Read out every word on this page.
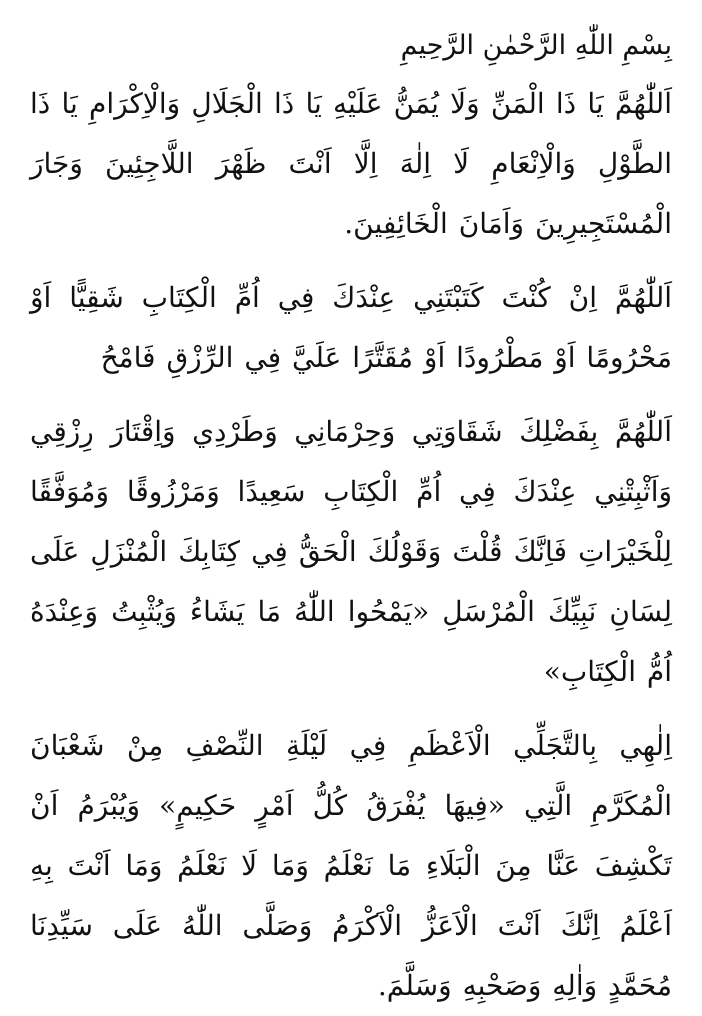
بِسْمِ اللّٰهِ الرَّحْمٰنِ الرَّحِيمِ

اَللّٰهُمَّ يَا ذَا الْمَنِّ وَلَا يُمَنُّ عَلَيْهِ يَا ذَا الْجَلَالِ وَالْاِكْرَامِ يَا ذَا الطَّوْلِ وَالْاِنْعَامِ لَا اِلٰهَ اِلَّا اَنْتَ ظَهْرَ اللَّاجِئِينَ وَجَارَ الْمُسْتَجِيرِينَ وَاَمَانَ الْخَائِفِينَ.

اَللّٰهُمَّ اِنْ كُنْتَ كَتَبْتَنِي عِنْدَكَ فِي اُمِّ الْكِتَابِ شَقِيًّا اَوْ مَحْرُومًا اَوْ مَطْرُودًا اَوْ مُقَتَّرًا عَلَيَّ فِي الرِّزْقِ فَامْحُ

اَللّٰهُمَّ بِفَضْلِكَ شَقَاوَتِي وَحِرْمَانِي وَطَرْدِي وَاِقْتَارَ رِزْقِي وَاَثْبِتْنِي عِنْدَكَ فِي اُمِّ الْكِتَابِ سَعِيدًا وَمَرْزُوقًا وَمُوَفَّقًا لِلْخَيْرَاتِ فَاِنَّكَ قُلْتَ وَقَوْلُكَ الْحَقُّ فِي كِتَابِكَ الْمُنْزَلِ عَلَى لِسَانِ نَبِيِّكَ الْمُرْسَلِ «يَمْحُوا اللّٰهُ مَا يَشَاءُ وَيُثْبِتُ وَعِنْدَهُ اُمُّ الْكِتَابِ»

اِلٰهِي بِالتَّجَلِّي الْاَعْظَمِ فِي لَيْلَةِ النِّصْفِ مِنْ شَعْبَانَ الْمُكَرَّمِ الَّتِي «فِيهَا يُفْرَقُ كُلُّ اَمْرٍ حَكِيمٍ» وَيُبْرَمُ اَنْ تَكْشِفَ عَنَّا مِنَ الْبَلَاءِ مَا نَعْلَمُ وَمَا لَا نَعْلَمُ وَمَا اَنْتَ بِهِ اَعْلَمُ اِنَّكَ اَنْتَ الْاَعَزُّ الْاَكْرَمُ وَصَلَّى اللّٰهُ عَلَى سَيِّدِنَا مُحَمَّدٍ وَاٰلِهِ وَصَحْبِهِ وَسَلَّمَ.
